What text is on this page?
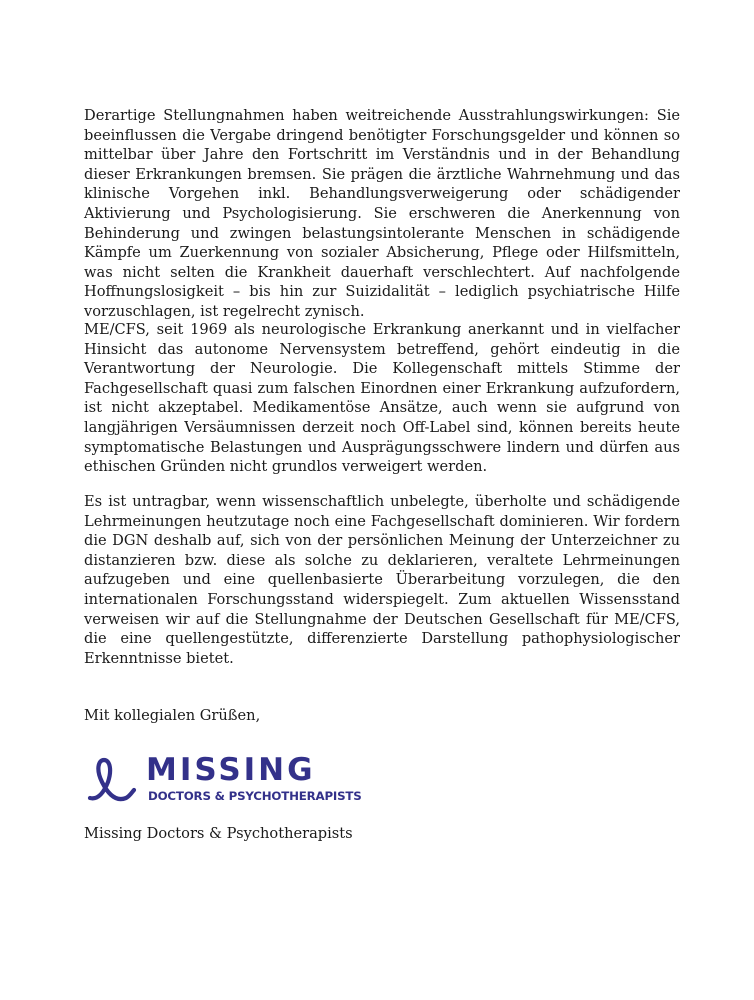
Derartige Stellungnahmen haben weitreichende Ausstrahlungswirkungen: Sie beeinflussen die Vergabe dringend benötigter Forschungsgelder und können so mittelbar über Jahre den Fortschritt im Verständnis und in der Behandlung dieser Erkrankungen bremsen. Sie prägen die ärztliche Wahrnehmung und das klinische Vorgehen inkl. Behandlungsverweigerung oder schädigender Aktivierung und Psychologisierung. Sie erschweren die Anerkennung von Behinderung und zwingen belastungsintolerante Menschen in schädigende Kämpfe um Zuerkennung von sozialer Absicherung, Pflege oder Hilfsmitteln, was nicht selten die Krankheit dauerhaft verschlechtert. Auf nachfolgende Hoffnungslosigkeit – bis hin zur Suizidalität – lediglich psychiatrische Hilfe vorzuschlagen, ist regelrecht zynisch.

ME/CFS, seit 1969 als neurologische Erkrankung anerkannt und in vielfacher Hinsicht das autonome Nervensystem betreffend, gehört eindeutig in die Verantwortung der Neurologie. Die Kollegenschaft mittels Stimme der Fachgesellschaft quasi zum falschen Einordnen einer Erkrankung aufzufordern, ist nicht akzeptabel. Medikamentöse Ansätze, auch wenn sie aufgrund von langjährigen Versäumnissen derzeit noch Off-Label sind, können bereits heute symptomatische Belastungen und Ausprägungsschwere lindern und dürfen aus ethischen Gründen nicht grundlos verweigert werden.

Es ist untragbar, wenn wissenschaftlich unbelegte, überholte und schädigende Lehrmeinungen heutzutage noch eine Fachgesellschaft dominieren. Wir fordern die DGN deshalb auf, sich von der persönlichen Meinung der Unterzeichner zu distanzieren bzw. diese als solche zu deklarieren, veraltete Lehrmeinungen aufzugeben und eine quellenbasierte Überarbeitung vorzulegen, die den internationalen Forschungsstand widerspiegelt. Zum aktuellen Wissensstand verweisen wir auf die Stellungnahme der Deutschen Gesellschaft für ME/CFS, die eine quellengestützte, differenzierte Darstellung pathophysiologischer Erkenntnisse bietet.

Mit kollegialen Grüßen,

MISSING
DOCTORS & PSYCHOTHERAPISTS
Missing Doctors & Psychotherapists
